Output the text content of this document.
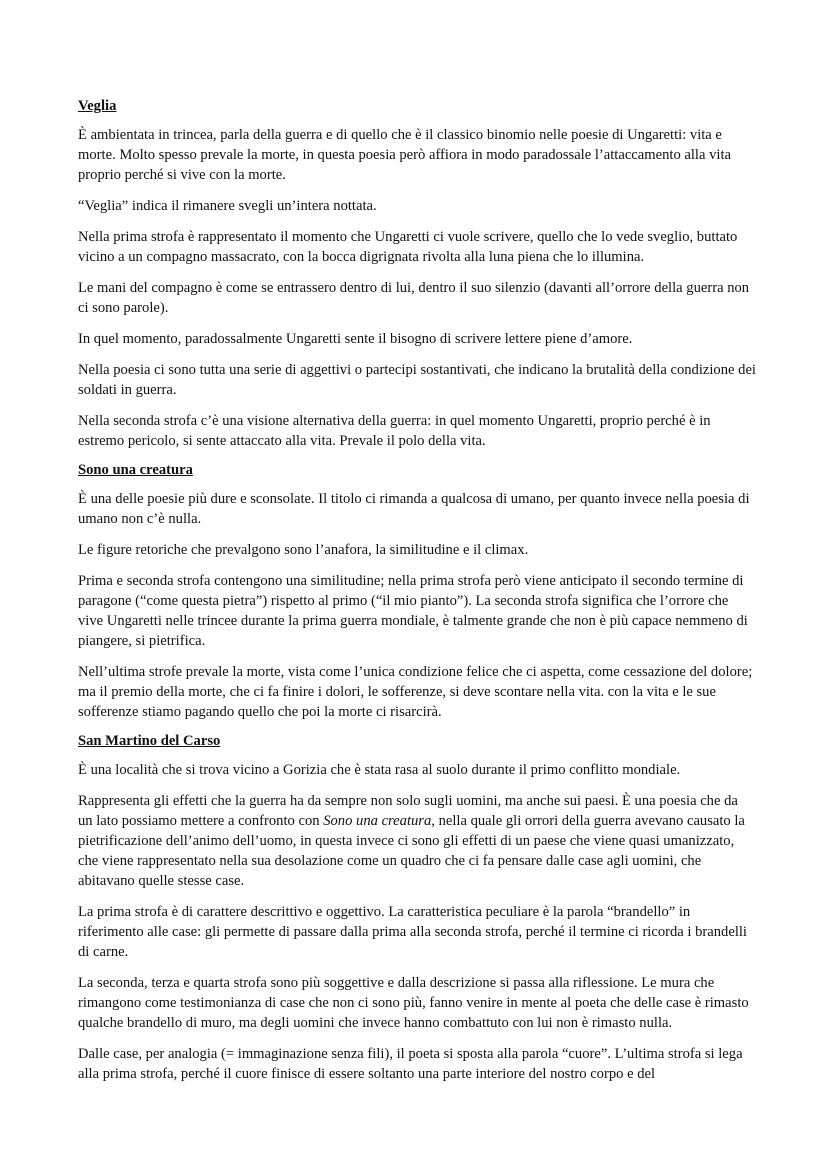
Veglia

È ambientata in trincea, parla della guerra e di quello che è il classico binomio nelle poesie di Ungaretti: vita e morte. Molto spesso prevale la morte, in questa poesia però affiora in modo paradossale l’attaccamento alla vita proprio perché si vive con la morte.

“Veglia” indica il rimanere svegli un’intera nottata.

Nella prima strofa è rappresentato il momento che Ungaretti ci vuole scrivere, quello che lo vede sveglio, buttato vicino a un compagno massacrato, con la bocca digrignata rivolta alla luna piena che lo illumina.

Le mani del compagno è come se entrassero dentro di lui, dentro il suo silenzio (davanti all’orrore della guerra non ci sono parole).

In quel momento, paradossalmente Ungaretti sente il bisogno di scrivere lettere piene d’amore.

Nella poesia ci sono tutta una serie di aggettivi o partecipi sostantivati, che indicano la brutalità della condizione dei soldati in guerra.

Nella seconda strofa c’è una visione alternativa della guerra: in quel momento Ungaretti, proprio perché è in estremo pericolo, si sente attaccato alla vita. Prevale il polo della vita.

Sono una creatura

È una delle poesie più dure e sconsolate. Il titolo ci rimanda a qualcosa di umano, per quanto invece nella poesia di umano non c’è nulla.

Le figure retoriche che prevalgono sono l’anafora, la similitudine e il climax.

Prima e seconda strofa contengono una similitudine; nella prima strofa però viene anticipato il secondo termine di paragone (“come questa pietra”) rispetto al primo (“il mio pianto”). La seconda strofa significa che l’orrore che vive Ungaretti nelle trincee durante la prima guerra mondiale, è talmente grande che non è più capace nemmeno di piangere, si pietrifica.

Nell’ultima strofe prevale la morte, vista come l’unica condizione felice che ci aspetta, come cessazione del dolore; ma il premio della morte, che ci fa finire i dolori, le sofferenze, si deve scontare nella vita. con la vita e le sue sofferenze stiamo pagando quello che poi la morte ci risarcirà.

San Martino del Carso

È una località che si trova vicino a Gorizia che è stata rasa al suolo durante il primo conflitto mondiale.

Rappresenta gli effetti che la guerra ha da sempre non solo sugli uomini, ma anche sui paesi. È una poesia che da un lato possiamo mettere a confronto con Sono una creatura, nella quale gli orrori della guerra avevano causato la pietrificazione dell’animo dell’uomo, in questa invece ci sono gli effetti di un paese che viene quasi umanizzato, che viene rappresentato nella sua desolazione come un quadro che ci fa pensare dalle case agli uomini, che abitavano quelle stesse case.

La prima strofa è di carattere descrittivo e oggettivo. La caratteristica peculiare è la parola “brandello” in riferimento alle case: gli permette di passare dalla prima alla seconda strofa, perché il termine ci ricorda i brandelli di carne.

La seconda, terza e quarta strofa sono più soggettive e dalla descrizione si passa alla riflessione. Le mura che rimangono come testimonianza di case che non ci sono più, fanno venire in mente al poeta che delle case è rimasto qualche brandello di muro, ma degli uomini che invece hanno combattuto con lui non è rimasto nulla.

Dalle case, per analogia (= immaginazione senza fili), il poeta si sposta alla parola “cuore”. L’ultima strofa si lega alla prima strofa, perché il cuore finisce di essere soltanto una parte interiore del nostro corpo e del
